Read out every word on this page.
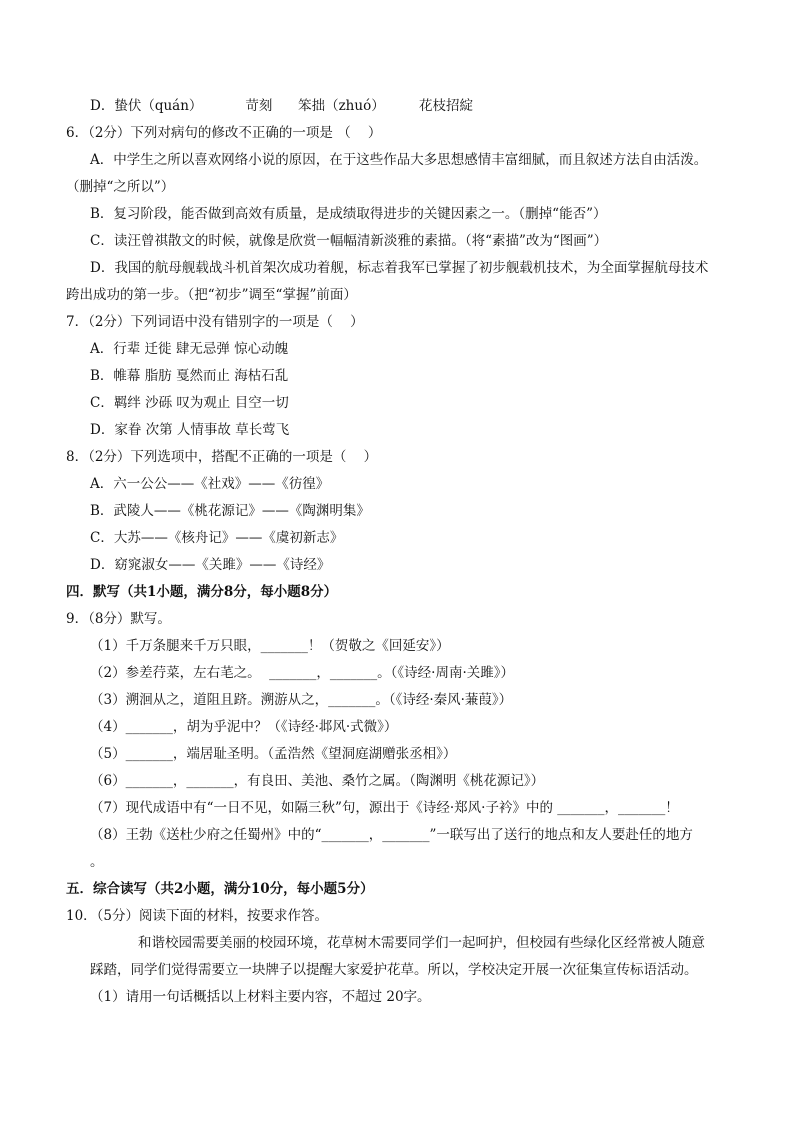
D．蛰伏（quán）          苛刻      笨拙（zhuó）        花枝招綻
6．（2分）下列对病句的修改不正确的一项是 （    ）
A．中学生之所以喜欢网络小说的原因，在于这些作品大多思想感情丰富细腻，而且叙述方法自由活泼。
（删掉“之所以”）
B．复习阶段，能否做到高效有质量，是成绩取得进步的关键因素之一。（删掉“能否”）
C．读汪曾祺散文的时候，就像是欣赏一幅幅清新淡雅的素描。（将“素描”改为“图画”）
D．我国的航母舰载战斗机首架次成功着舰，标志着我军已掌握了初步舰载机技术，为全面掌握航母技术
跨出成功的第一步。（把“初步”调至“掌握”前面）
7．（2分）下列词语中没有错别字的一项是（    ）
A．行辈 迁徙 肆无忌弹 惊心动魄
B．帷幕 脂肪 戛然而止 海枯石乱
C．羁绊 沙砾 叹为观止 目空一切
D．家眷 次第 人情事故 草长莺飞
8．（2分）下列选项中，搭配不正确的一项是（    ）
A．六一公公——《社戏》——《彷徨》
B．武陵人——《桃花源记》——《陶渊明集》
C．大苏——《核舟记》——《虞初新志》
D．窈窕淑女——《关雎》——《诗经》
四．默写（共1小题，满分8分，每小题8分）
9．（8分）默写。
（1）千万条腿来千万只眼，_______！（贺敬之《回延安》）
（2）参差荇菜，左右芼之。  _______，_______。（《诗经·周南·关雎》）
（3）溯洄从之，道阻且跻。溯游从之，_______。（《诗经·秦风·蒹葭》）
（4）_______，胡为乎泥中？（《诗经·邶风·式微》）
（5）_______，端居耻圣明。（孟浩然《望洞庭湖赠张丞相》）
（6）_______，_______，有良田、美池、桑竹之属。（陶渊明《桃花源记》）
（7）现代成语中有“一日不见，如隔三秋”句，源出于《诗经·郑风·子衿》中的 _______，_______！
（8）王勃《送杜少府之任蜀州》中的“_______，_______”一联写出了送行的地点和友人要赴任的地方
。
五．综合读写（共2小题，满分10分，每小题5分）
10．（5分）阅读下面的材料，按要求作答。
和谐校园需要美丽的校园环境，花草树木需要同学们一起呵护，但校园有些绿化区经常被人随意
踩踏，同学们觉得需要立一块牌子以提醒大家爱护花草。所以，学校决定开展一次征集宣传标语活动。
（1）请用一句话概括以上材料主要内容，不超过 20字。
